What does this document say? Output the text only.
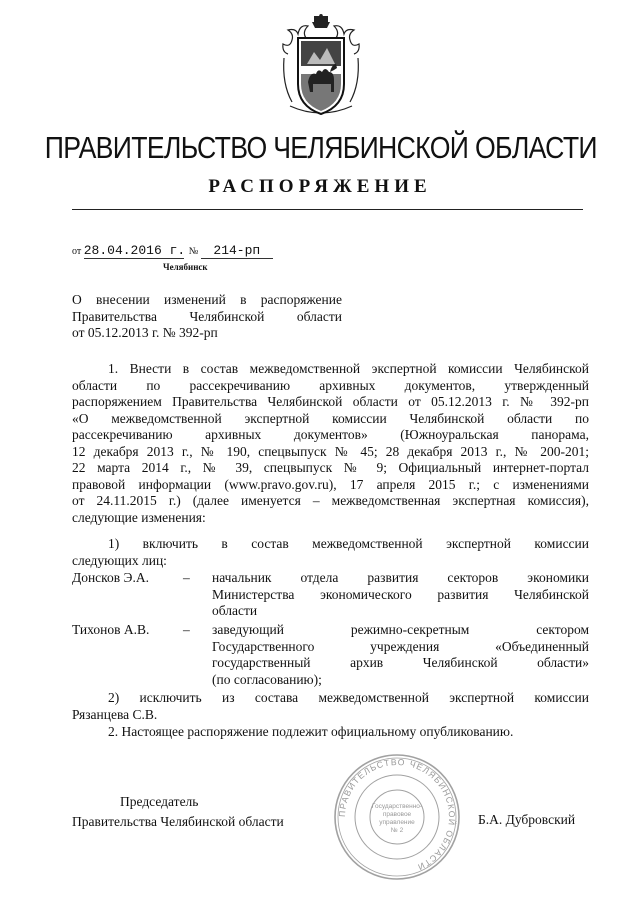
ПРАВИТЕЛЬСТВО ЧЕЛЯБИНСКОЙ ОБЛАСТИ
РАСПОРЯЖЕНИЕ
от 28.04.2016 г. № 214-рп
Челябинск
О внесении изменений в распоряжение
Правительства Челябинской области
от 05.12.2013 г. № 392-рп
1. Внести в состав межведомственной экспертной комиссии Челябинской
области по рассекречиванию архивных документов, утвержденный
распоряжением Правительства Челябинской области от 05.12.2013 г. № 392-рп
«О межведомственной экспертной комиссии Челябинской области по
рассекречиванию архивных документов» (Южноуральская панорама,
12 декабря 2013 г., № 190, спецвыпуск № 45; 28 декабря 2013 г., № 200-201;
22 марта 2014 г., № 39, спецвыпуск № 9; Официальный интернет-портал
правовой информации (www.pravo.gov.ru), 17 апреля 2015 г.; с изменениями
от 24.11.2015 г.) (далее именуется – межведомственная экспертная комиссия),
следующие изменения:
1) включить в состав межведомственной экспертной комиссии
следующих лиц:
Донсков Э.А.	– начальник отдела развития секторов экономики
Министерства экономического развития Челябинской
области
Тихонов А.В. – заведующий режимно-секретным сектором
Государственного учреждения «Объединенный
государственный архив Челябинской области»
(по согласованию);
2) исключить из состава межведомственной экспертной комиссии
Рязанцева С.В.
2. Настоящее распоряжение подлежит официальному опубликованию.
ПРАВИТЕЛЬСТВО ЧЕЛЯБИНСКОЙ ОБЛАСТИ
Государственно-
правовое
управление
№ 2
Председатель
Правительства Челябинской области	Б.А. Дубровский
